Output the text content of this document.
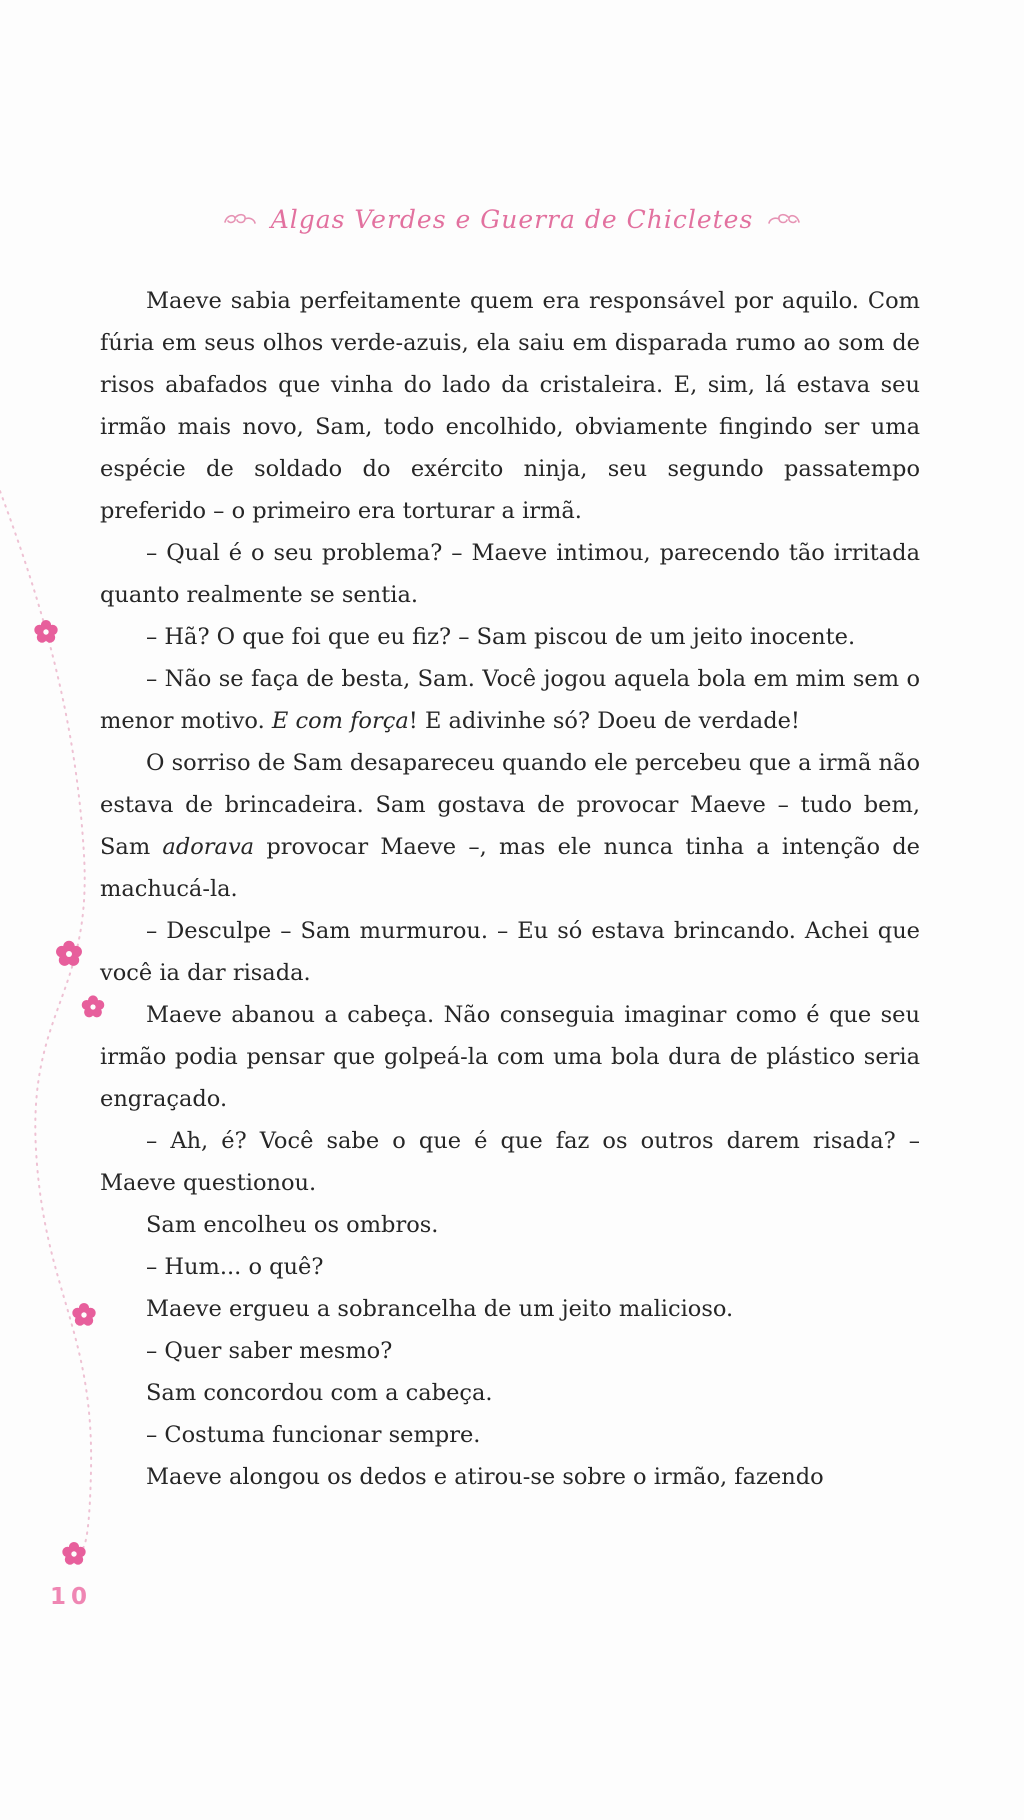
Algas Verdes e Guerra de Chicletes

Maeve sabia perfeitamente quem era responsável por aquilo. Com fúria em seus olhos verde-azuis, ela saiu em disparada rumo ao som de risos abafados que vinha do lado da cristaleira. E, sim, lá estava seu irmão mais novo, Sam, todo encolhido, obviamente fingindo ser uma espécie de soldado do exército ninja, seu segundo passatempo preferido – o primeiro era torturar a irmã.

– Qual é o seu problema? – Maeve intimou, parecendo tão irritada quanto realmente se sentia.

– Hã? O que foi que eu fiz? – Sam piscou de um jeito inocente.

– Não se faça de besta, Sam. Você jogou aquela bola em mim sem o menor motivo. E com força! E adivinhe só? Doeu de verdade!

O sorriso de Sam desapareceu quando ele percebeu que a irmã não estava de brincadeira. Sam gostava de provocar Maeve – tudo bem, Sam adorava provocar Maeve –, mas ele nunca tinha a intenção de machucá-la.

– Desculpe – Sam murmurou. – Eu só estava brincando. Achei que você ia dar risada.

Maeve abanou a cabeça. Não conseguia imaginar como é que seu irmão podia pensar que golpeá-la com uma bola dura de plástico seria engraçado.

– Ah, é? Você sabe o que é que faz os outros darem risada? – Maeve questionou.

Sam encolheu os ombros.

– Hum... o quê?

Maeve ergueu a sobrancelha de um jeito malicioso.

– Quer saber mesmo?

Sam concordou com a cabeça.

– Costuma funcionar sempre.

Maeve alongou os dedos e atirou-se sobre o irmão, fazendo

10
